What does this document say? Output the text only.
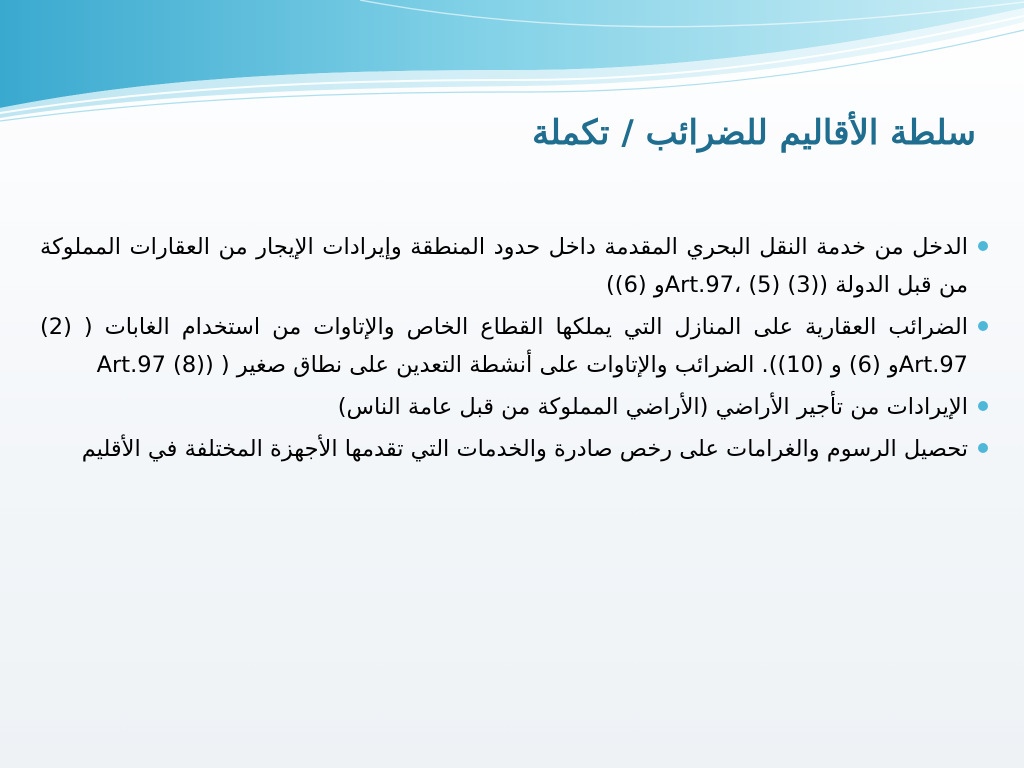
سلطة الأقاليم للضرائب / تكملة

الدخل من خدمة النقل البحري المقدمة داخل حدود المنطقة وإيرادات الإيجار من العقارات المملوكة من قبل الدولة ((3) Art.97، (5)و (6))

الضرائب العقارية على المنازل التي يملكها القطاع الخاص والإتاوات من استخدام الغابات ( (2) Art.97و (6) و (10)). الضرائب والإتاوات على أنشطة التعدين على نطاق صغير ( ((8) Art.97

الإيرادات من تأجير الأراضي (الأراضي المملوكة من قبل عامة الناس)

تحصيل الرسوم والغرامات على رخص صادرة والخدمات التي تقدمها الأجهزة المختلفة في الأقليم
